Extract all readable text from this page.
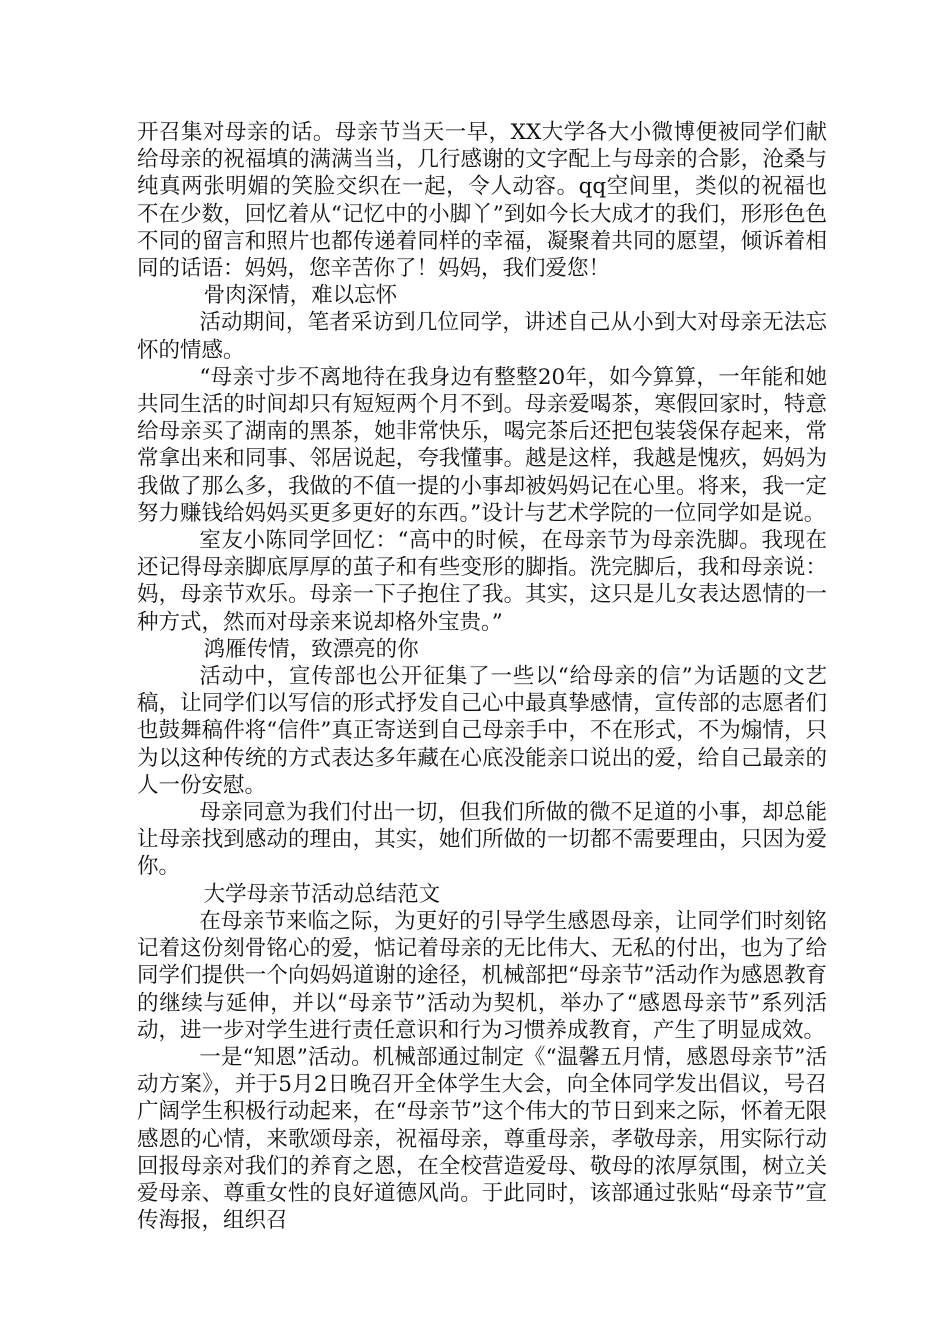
开召集对母亲的话。母亲节当天一早，XX大学各大小微博便被同学们献给母亲的祝福填的满满当当，几行感谢的文字配上与母亲的合影，沧桑与纯真两张明媚的笑脸交织在一起，令人动容。qq空间里，类似的祝福也不在少数，回忆着从“记忆中的小脚丫”到如今长大成才的我们，形形色色不同的留言和照片也都传递着同样的幸福，凝聚着共同的愿望，倾诉着相同的话语：妈妈，您辛苦你了！妈妈，我们爱您！

骨肉深情，难以忘怀

活动期间，笔者采访到几位同学，讲述自己从小到大对母亲无法忘怀的情感。

“母亲寸步不离地待在我身边有整整20年，如今算算，一年能和她共同生活的时间却只有短短两个月不到。母亲爱喝茶，寒假回家时，特意给母亲买了湖南的黑茶，她非常快乐，喝完茶后还把包装袋保存起来，常常拿出来和同事、邻居说起，夸我懂事。越是这样，我越是愧疚，妈妈为我做了那么多，我做的不值一提的小事却被妈妈记在心里。将来，我一定努力赚钱给妈妈买更多更好的东西。”设计与艺术学院的一位同学如是说。

室友小陈同学回忆：“高中的时候，在母亲节为母亲洗脚。我现在还记得母亲脚底厚厚的茧子和有些变形的脚指。洗完脚后，我和母亲说：妈，母亲节欢乐。母亲一下子抱住了我。其实，这只是儿女表达恩情的一种方式，然而对母亲来说却格外宝贵。”

鸿雁传情，致漂亮的你

活动中，宣传部也公开征集了一些以“给母亲的信”为话题的文艺稿，让同学们以写信的形式抒发自己心中最真挚感情，宣传部的志愿者们也鼓舞稿件将“信件”真正寄送到自己母亲手中，不在形式，不为煽情，只为以这种传统的方式表达多年藏在心底没能亲口说出的爱，给自己最亲的人一份安慰。

母亲同意为我们付出一切，但我们所做的微不足道的小事，却总能让母亲找到感动的理由，其实，她们所做的一切都不需要理由，只因为爱你。

大学母亲节活动总结范文

在母亲节来临之际，为更好的引导学生感恩母亲，让同学们时刻铭记着这份刻骨铭心的爱，惦记着母亲的无比伟大、无私的付出，也为了给同学们提供一个向妈妈道谢的途径，机械部把“母亲节”活动作为感恩教育的继续与延伸，并以“母亲节”活动为契机，举办了“感恩母亲节”系列活动，进一步对学生进行责任意识和行为习惯养成教育，产生了明显成效。

一是“知恩”活动。机械部通过制定《“温馨五月情，感恩母亲节”活动方案》，并于5月2日晚召开全体学生大会，向全体同学发出倡议，号召广阔学生积极行动起来，在“母亲节”这个伟大的节日到来之际，怀着无限感恩的心情，来歌颂母亲，祝福母亲，尊重母亲，孝敬母亲，用实际行动回报母亲对我们的养育之恩，在全校营造爱母、敬母的浓厚氛围，树立关爱母亲、尊重女性的良好道德风尚。于此同时，该部通过张贴“母亲节”宣传海报，组织召
